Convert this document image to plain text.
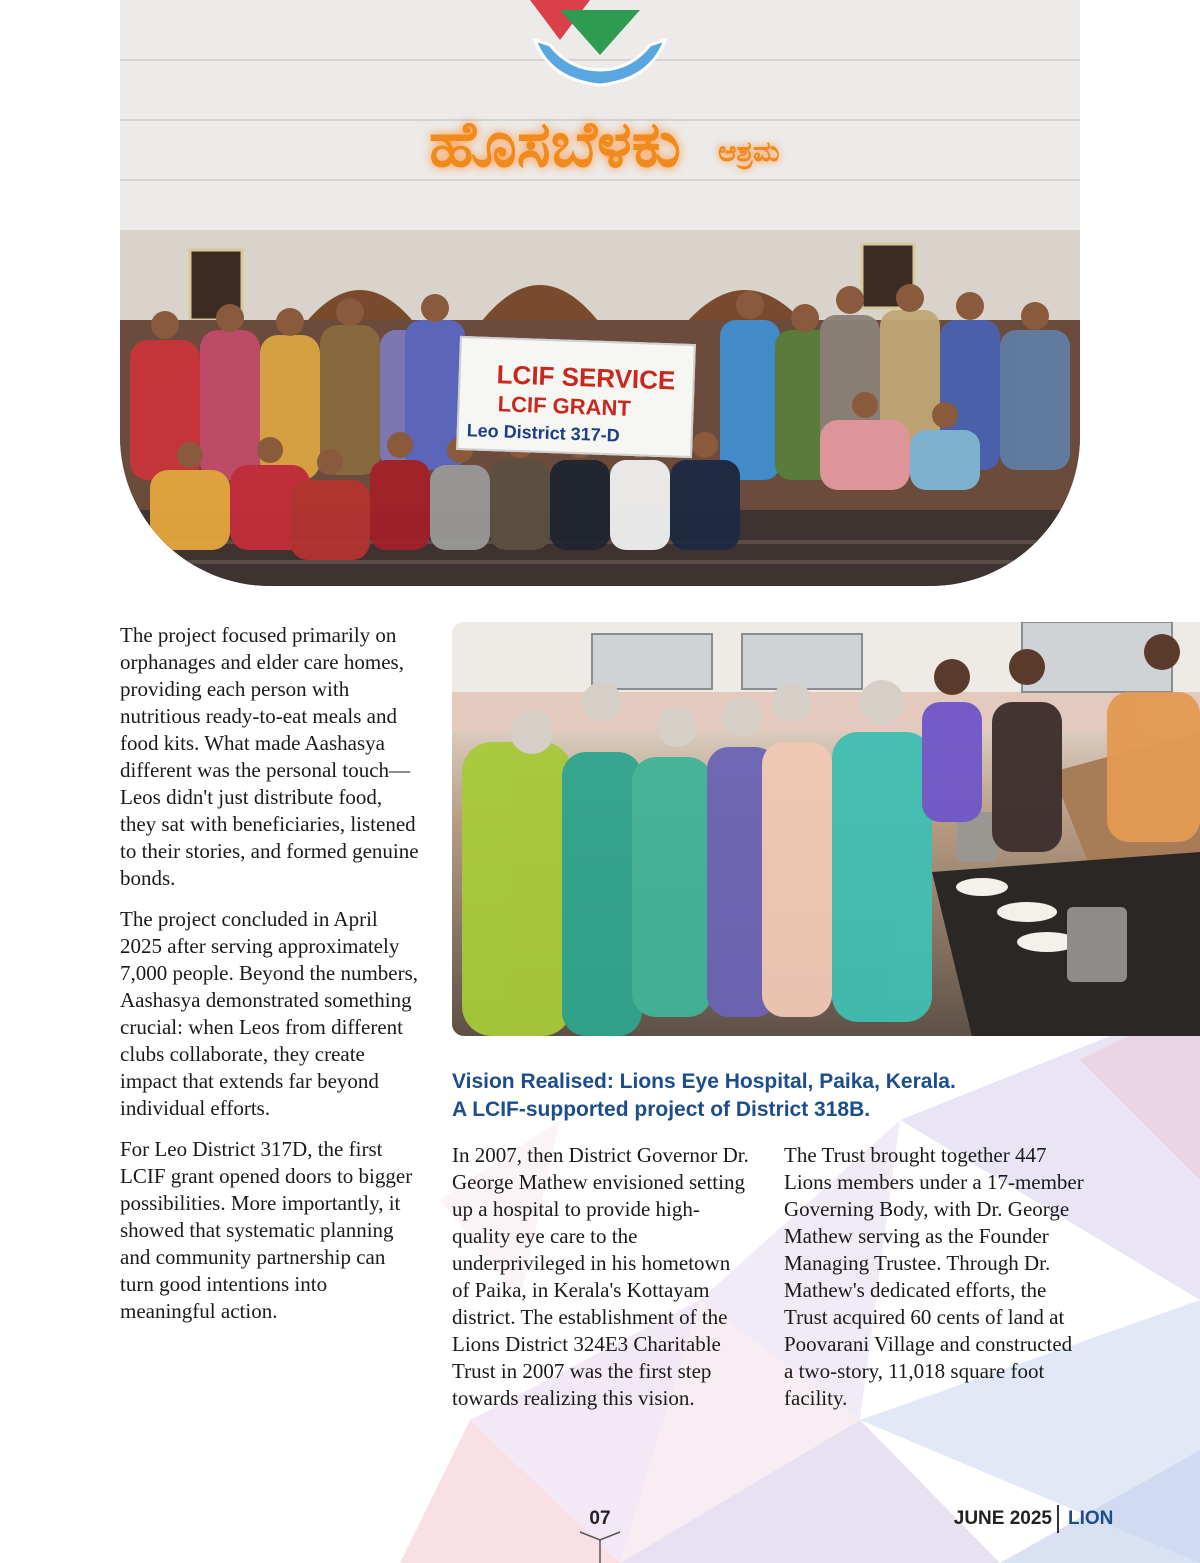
ಹೊಸಬೆಳಕು	ಆಶ್ರಮ
LCIF SERVICE
LCIF GRANT
Leo District 317-D

The project focused primarily on orphanages and elder care homes, providing each person with nutritious ready-to-eat meals and food kits. What made Aashasya different was the personal touch—Leos didn't just distribute food, they sat with beneficiaries, listened to their stories, and formed genuine bonds.

The project concluded in April 2025 after serving approximately 7,000 people. Beyond the numbers, Aashasya demonstrated something crucial: when Leos from different clubs collaborate, they create impact that extends far beyond individual efforts.

For Leo District 317D, the first LCIF grant opened doors to bigger possibilities. More importantly, it showed that systematic planning and community partnership can turn good intentions into meaningful action.

Vision Realised: Lions Eye Hospital, Paika, Kerala.
A LCIF-supported project of District 318B.

In 2007, then District Governor Dr. George Mathew envisioned setting up a hospital to provide high-quality eye care to the underprivileged in his hometown of Paika, in Kerala's Kottayam district. The establishment of the Lions District 324E3 Charitable Trust in 2007 was the first step towards realizing this vision.

The Trust brought together 447 Lions members under a 17-member Governing Body, with Dr. George Mathew serving as the Founder Managing Trustee. Through Dr. Mathew's dedicated efforts, the Trust acquired 60 cents of land at Poovarani Village and constructed a two-story, 11,018 square foot facility.

07	JUNE 2025 LION
